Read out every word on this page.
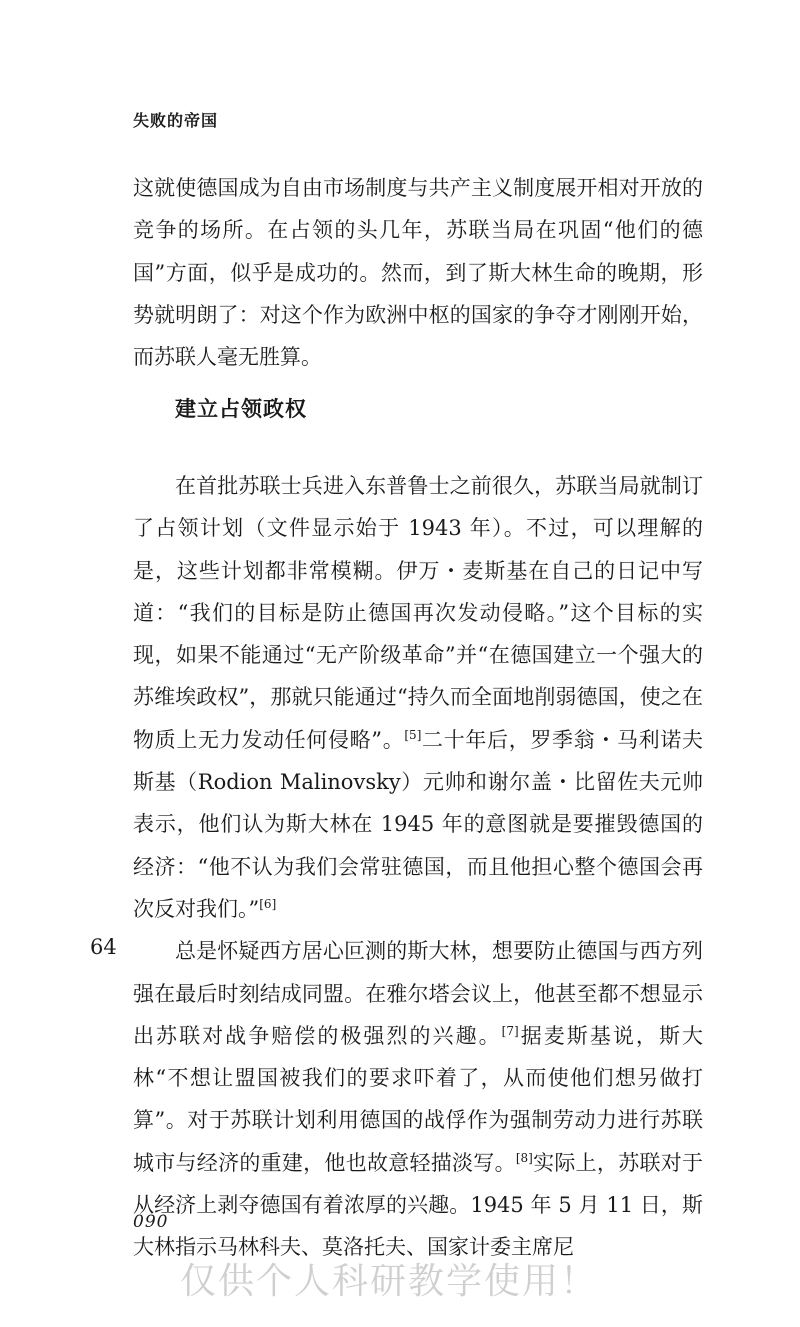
失败的帝国

这就使德国成为自由市场制度与共产主义制度展开相对开放的竞争的场所。在占领的头几年，苏联当局在巩固“他们的德国”方面，似乎是成功的。然而，到了斯大林生命的晚期，形势就明朗了：对这个作为欧洲中枢的国家的争夺才刚刚开始，而苏联人毫无胜算。

建立占领政权

在首批苏联士兵进入东普鲁士之前很久，苏联当局就制订了占领计划（文件显示始于 1943 年）。不过，可以理解的是，这些计划都非常模糊。伊万・麦斯基在自己的日记中写道：“我们的目标是防止德国再次发动侵略。”这个目标的实现，如果不能通过“无产阶级革命”并“在德国建立一个强大的苏维埃政权”，那就只能通过“持久而全面地削弱德国，使之在物质上无力发动任何侵略”。[5]二十年后，罗季翁・马利诺夫斯基（Rodion Malinovsky）元帅和谢尔盖・比留佐夫元帅表示，他们认为斯大林在 1945 年的意图就是要摧毁德国的经济：“他不认为我们会常驻德国，而且他担心整个德国会再次反对我们。”[6]

总是怀疑西方居心叵测的斯大林，想要防止德国与西方列强在最后时刻结成同盟。在雅尔塔会议上，他甚至都不想显示出苏联对战争赔偿的极强烈的兴趣。[7]据麦斯基说，斯大林“不想让盟国被我们的要求吓着了，从而使他们想另做打算”。对于苏联计划利用德国的战俘作为强制劳动力进行苏联城市与经济的重建，他也故意轻描淡写。[8]实际上，苏联对于从经济上剥夺德国有着浓厚的兴趣。1945 年 5 月 11 日，斯大林指示马林科夫、莫洛托夫、国家计委主席尼

64
090
仅供个人科研教学使用！
